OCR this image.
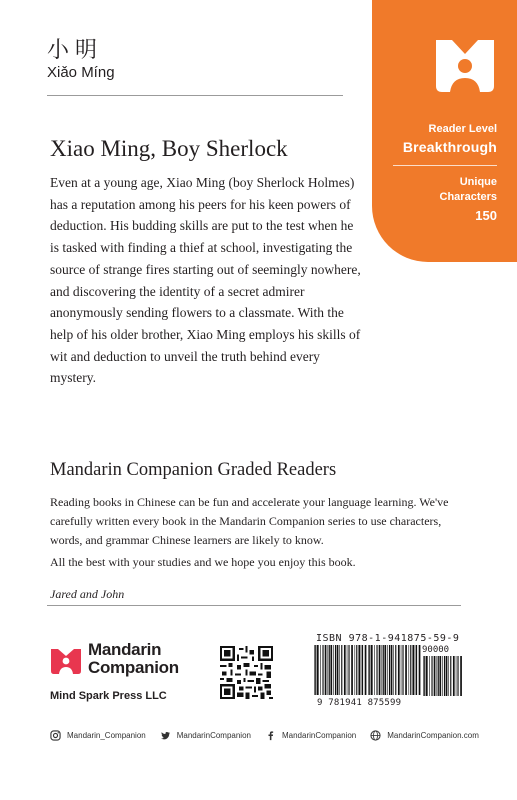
小明
Xiǎo Míng
Reader Level
Breakthrough
Unique Characters
150
Xiao Ming, Boy Sherlock

Even at a young age, Xiao Ming (boy Sherlock Holmes) has a reputation among his peers for his keen powers of deduction. His budding skills are put to the test when he is tasked with finding a thief at school, investigating the source of strange fires starting out of seemingly nowhere, and discovering the identity of a secret admirer anonymously sending flowers to a classmate. With the help of his older brother, Xiao Ming employs his skills of wit and deduction to unveil the truth behind every mystery.

Mandarin Companion Graded Readers

Reading books in Chinese can be fun and accelerate your language learning. We've carefully written every book in the Mandarin Companion series to use characters, words, and grammar Chinese learners are likely to know.

All the best with your studies and we hope you enjoy this book.
Jared and John
Mandarin
Companion
Mind Spark Press LLC
ISBN 978-1-941875-59-9
90000
9 781941 875599
Mandarin_Companion	MandarinCompanion	MandarinCompanion	MandarinCompanion.com
